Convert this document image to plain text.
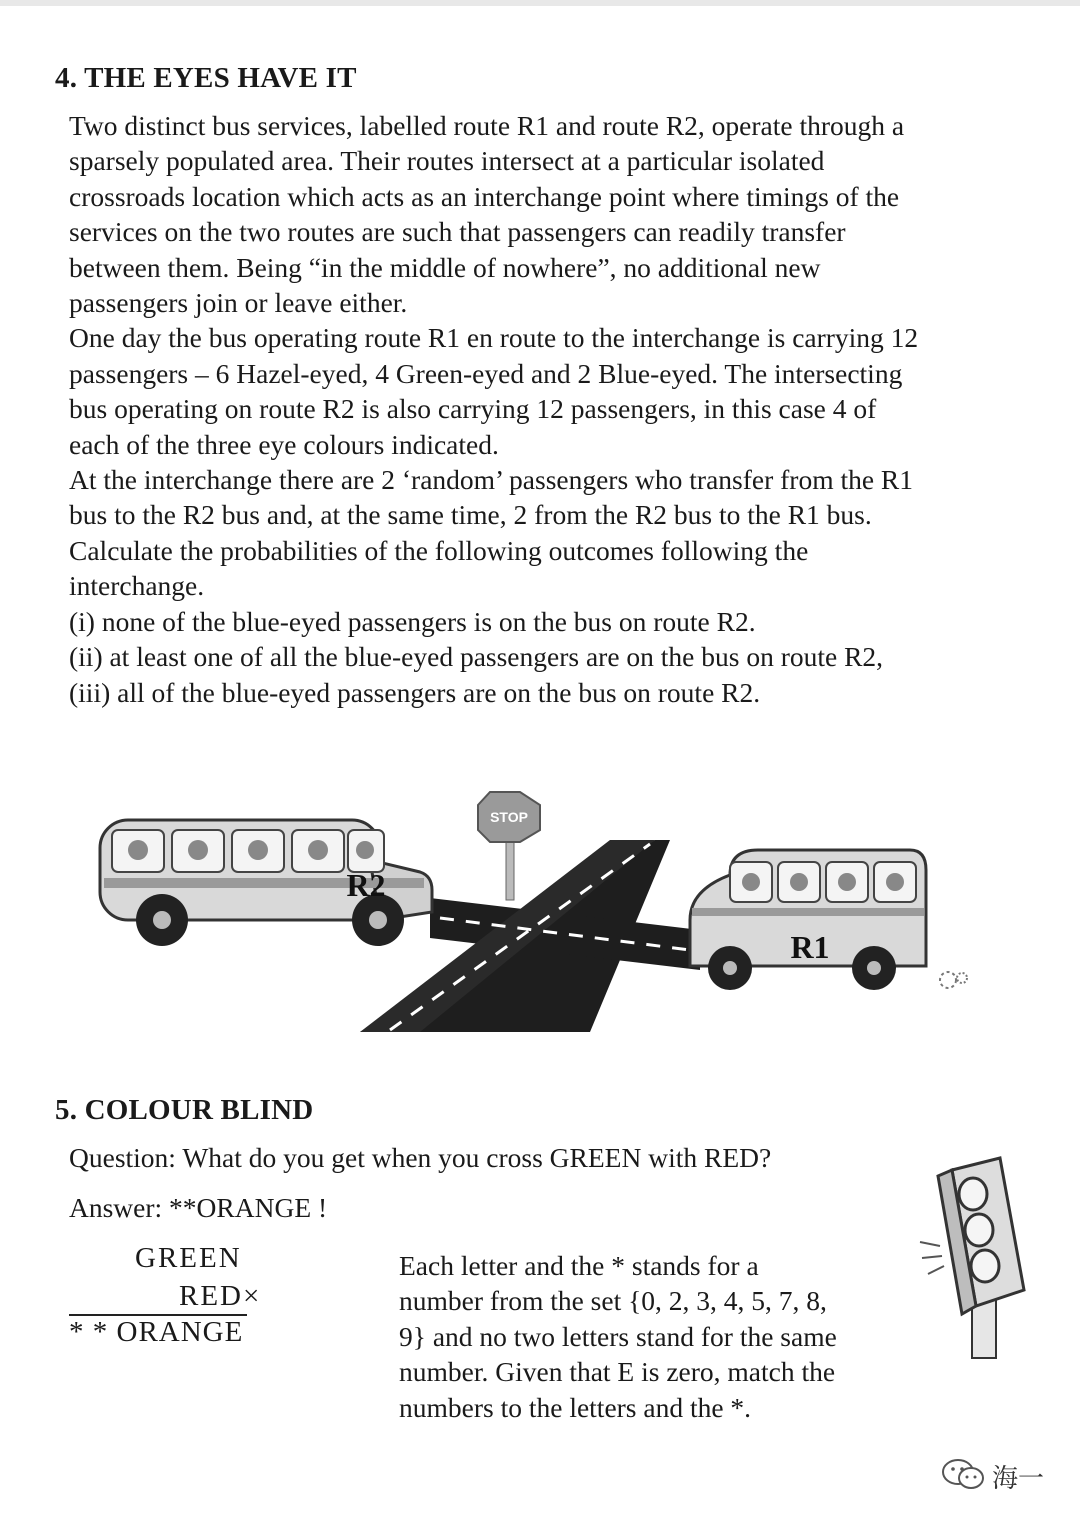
4. THE EYES HAVE IT
Two distinct bus services, labelled route R1 and route R2, operate through a
sparsely populated area. Their routes intersect at a particular isolated
crossroads location which acts as an interchange point where timings of the
services on the two routes are such that passengers can readily transfer
between them. Being “in the middle of nowhere”, no additional new
passengers join or leave either.
One day the bus operating route R1 en route to the interchange is carrying 12
passengers – 6 Hazel-eyed, 4 Green-eyed and 2 Blue-eyed. The intersecting
bus operating on route R2 is also carrying 12 passengers, in this case 4 of
each of the three eye colours indicated.
At the interchange there are 2 ‘random’ passengers who transfer from the R1
bus to the R2 bus and, at the same time, 2 from the R2 bus to the R1 bus.
Calculate the probabilities of the following outcomes following the
interchange.
(i) none of the blue-eyed passengers is on the bus on route R2.
(ii) at least one of all the blue-eyed passengers are on the bus on route R2,
(iii) all of the blue-eyed passengers are on the bus on route R2.
STOP
R2
R1
5. COLOUR BLIND
Question: What do you get when you cross GREEN with RED?
Answer: **ORANGE !
GREEN
RED×
* * ORANGE
Each letter and the * stands for a
number from the set {0, 2, 3, 4, 5, 7, 8,
9} and no two letters stand for the same
number. Given that E is zero, match the
numbers to the letters and the *.
海一
